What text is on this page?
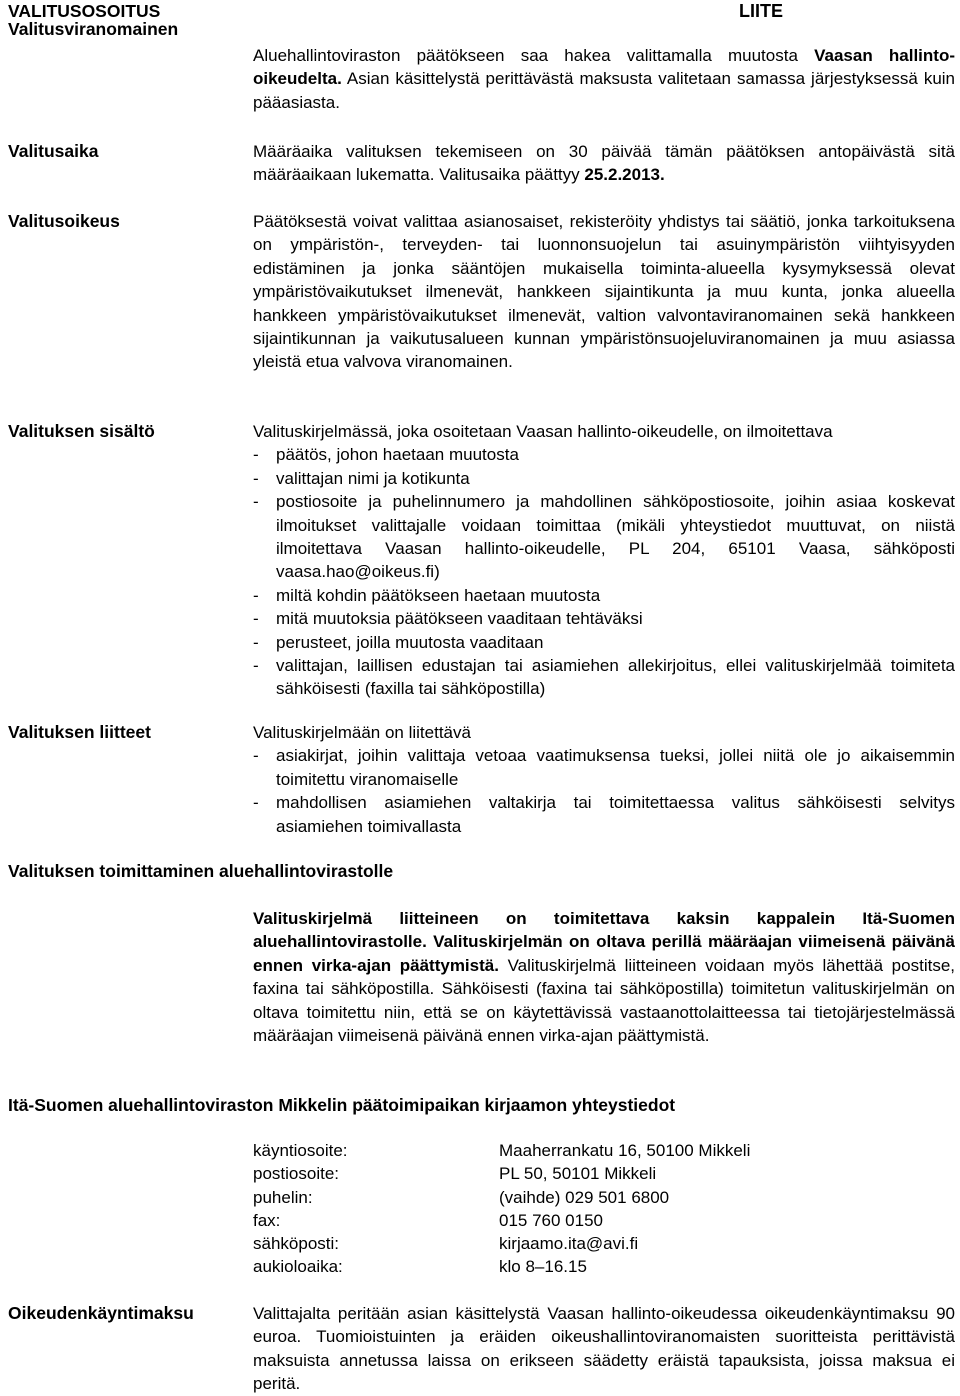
VALITUSOSOITUS	LIITE
Valitusviranomainen
Aluehallintoviraston päätökseen saa hakea valittamalla muutosta Vaasan hallinto-oikeudelta. Asian käsittelystä perittävästä maksusta valitetaan samassa järjestyksessä kuin pääasiasta.
Valitusaika	Määräaika valituksen tekemiseen on 30 päivää tämän päätöksen antopäivästä sitä määräaikaan lukematta. Valitusaika päättyy 25.2.2013.
Valitusoikeus	Päätöksestä voivat valittaa asianosaiset, rekisteröity yhdistys tai säätiö, jonka tarkoituksena on ympäristön-, terveyden- tai luonnonsuojelun tai asuinympäristön viihtyisyyden edistäminen ja jonka sääntöjen mukaisella toiminta-alueella kysymyksessä olevat ympäristövaikutukset ilmenevät, hankkeen sijaintikunta ja muu kunta, jonka alueella hankkeen ympäristövaikutukset ilmenevät, valtion valvontaviranomainen sekä hankkeen sijaintikunnan ja vaikutusalueen kunnan ympäristönsuojeluviranomainen ja muu asiassa yleistä etua valvova viranomainen.
Valituksen sisältö	Valituskirjelmässä, joka osoitetaan Vaasan hallinto-oikeudelle, on ilmoitettava
- päätös, johon haetaan muutosta
- valittajan nimi ja kotikunta
- postiosoite ja puhelinnumero ja mahdollinen sähköpostiosoite, joihin asiaa koskevat ilmoitukset valittajalle voidaan toimittaa (mikäli yhteystiedot muuttuvat, on niistä ilmoitettava Vaasan hallinto-oikeudelle, PL 204, 65101 Vaasa, sähköposti vaasa.hao@oikeus.fi)
- miltä kohdin päätökseen haetaan muutosta
- mitä muutoksia päätökseen vaaditaan tehtäväksi
- perusteet, joilla muutosta vaaditaan
- valittajan, laillisen edustajan tai asiamiehen allekirjoitus, ellei valituskirjelmää toimiteta sähköisesti (faxilla tai sähköpostilla)
Valituksen liitteet	Valituskirjelmään on liitettävä
- asiakirjat, joihin valittaja vetoaa vaatimuksensa tueksi, jollei niitä ole jo aikaisemmin toimitettu viranomaiselle
- mahdollisen asiamiehen valtakirja tai toimitettaessa valitus sähköisesti selvitys asiamiehen toimivallasta
Valituksen toimittaminen aluehallintovirastolle
Valituskirjelmä liitteineen on toimitettava kaksin kappalein Itä-Suomen aluehallintovirastolle. Valituskirjelmän on oltava perillä määräajan viimeisenä päivänä ennen virka-ajan päättymistä. Valituskirjelmä liitteineen voidaan myös lähettää postitse, faxina tai sähköpostilla. Sähköisesti (faxina tai sähköpostilla) toimitetun valituskirjelmän on oltava toimitettu niin, että se on käytettävissä vastaanottolaitteessa tai tietojärjestelmässä määräajan viimeisenä päivänä ennen virka-ajan päättymistä.
Itä-Suomen aluehallintoviraston Mikkelin päätoimipaikan kirjaamon yhteystiedot
käyntiosoite:	Maaherrankatu 16, 50100 Mikkeli
postiosoite:	PL 50, 50101 Mikkeli
puhelin:	(vaihde) 029 501 6800
fax:	015 760 0150
sähköposti:	kirjaamo.ita@avi.fi
aukioloaika:	klo 8–16.15
Oikeudenkäyntimaksu	Valittajalta peritään asian käsittelystä Vaasan hallinto-oikeudessa oikeudenkäyntimaksu 90 euroa. Tuomioistuinten ja eräiden oikeushallintoviranomaisten suoritteista perittävistä maksuista annetussa laissa on erikseen säädetty eräistä tapauksista, joissa maksua ei peritä.
